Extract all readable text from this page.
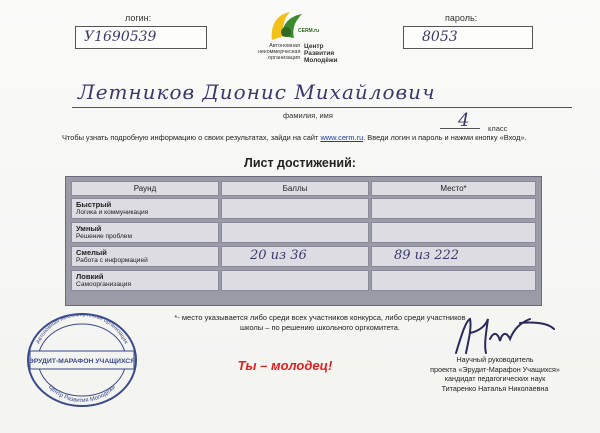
логин:
У1690539
пароль:
8053
CERM.ru
Автономная
некоммерческая
организация
Центр
Развития
Молодёжи
Летников Дионис Михайлович
фамилия, имя	4 класс
Чтобы узнать подробную информацию о своих результатах, зайди на сайт www.cerm.ru. Введи логин и пароль и нажми кнопку «Вход».
Лист достижений:
Раунд	Баллы	Место*
Быстрый
Логика и коммуникация
Умный
Решение проблем
Смелый
Работа с информацией	20 из 36	89 из 222
Ловкий
Самоорганизация
*- место указывается либо среди всех участников конкурса, либо среди участников школы – по решению школьного оргкомитета.
Ты – молодец!
Автономная некоммерческая организация
Центр Развития Молодёжи
ЭРУДИТ-МАРАФОН УЧАЩИХСЯ	Научный руководитель
проекта «Эрудит-Марафон Учащихся»
кандидат педагогических наук
Титаренко Наталья Николаевна
